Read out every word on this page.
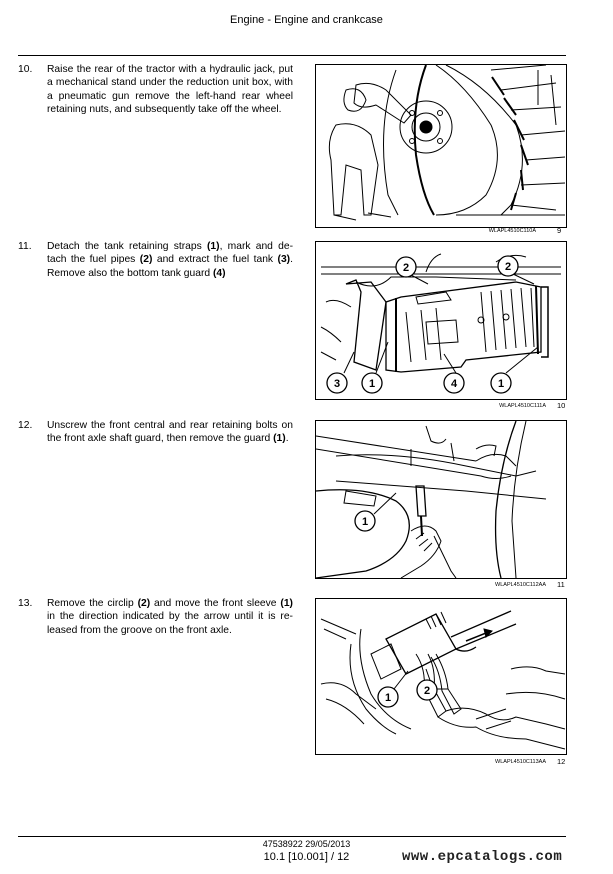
Engine - Engine and crankcase
10. Raise the rear of the tractor with a hydraulic jack, put a mechanical stand under the reduction unit box, with a pneumatic gun remove the left-hand rear wheel retaining nuts, and subsequently take off the wheel.
WLAPL4510C110A	9
11. Detach the tank retaining straps (1), mark and de-tach the fuel pipes (2) and extract the fuel tank (3). Remove also the bottom tank guard (4)	2	2
3	1	4	1
WLAPL4510C111A 10
12. Unscrew the front central and rear retaining bolts on the front axle shaft guard, then remove the guard (1).
1
WLAPL4510C112AA 11
13. Remove the circlip (2) and move the front sleeve (1) in the direction indicated by the arrow until it is re-leased from the groove on the front axle.
1
2
WLAPL4510C113AA 12
47538922 29/05/2013
10.1 [10.001] / 12	www.epcatalogs.com
